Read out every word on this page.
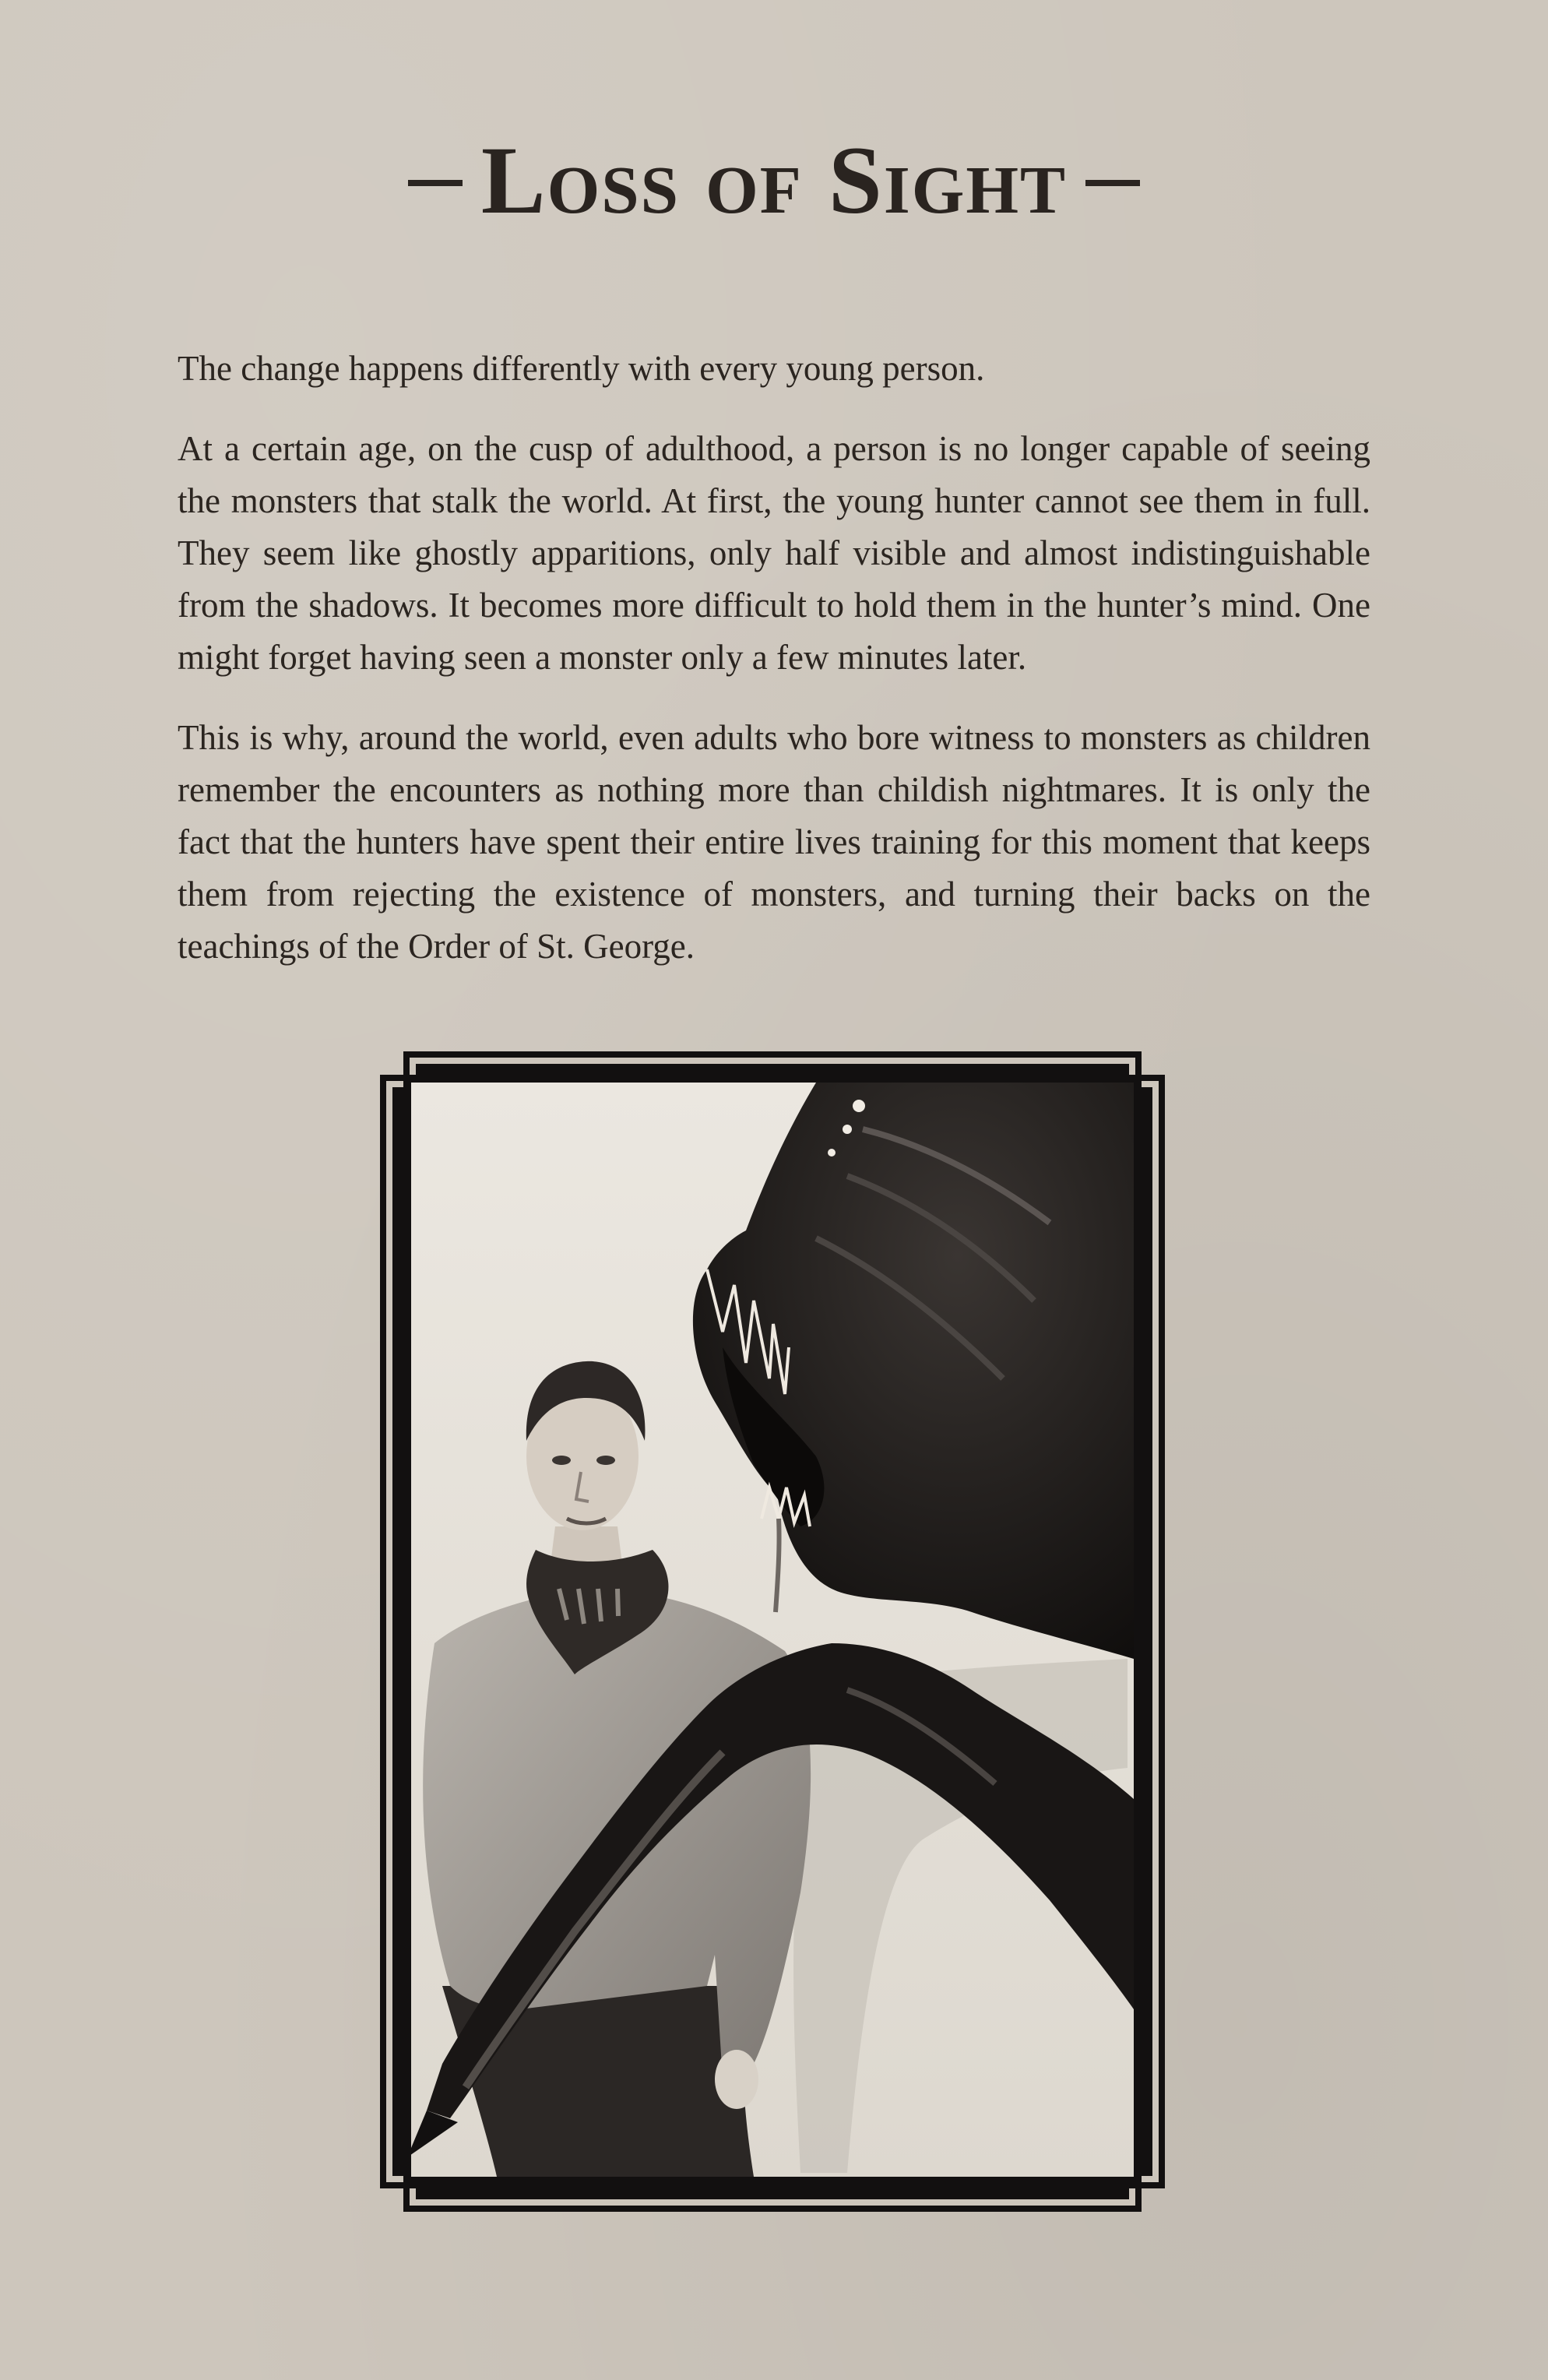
Loss of Sight

The change happens differently with every young person.

At a certain age, on the cusp of adulthood, a person is no longer capable of seeing the monsters that stalk the world. At first, the young hunter cannot see them in full. They seem like ghostly apparitions, only half visible and almost indistinguishable from the shadows. It becomes more difficult to hold them in the hunter’s mind. One might forget having seen a monster only a few minutes later.

This is why, around the world, even adults who bore witness to monsters as children remember the encounters as nothing more than childish nightmares. It is only the fact that the hunters have spent their entire lives training for this moment that keeps them from rejecting the existence of monsters, and turning their backs on the teachings of the Order of St. George.
